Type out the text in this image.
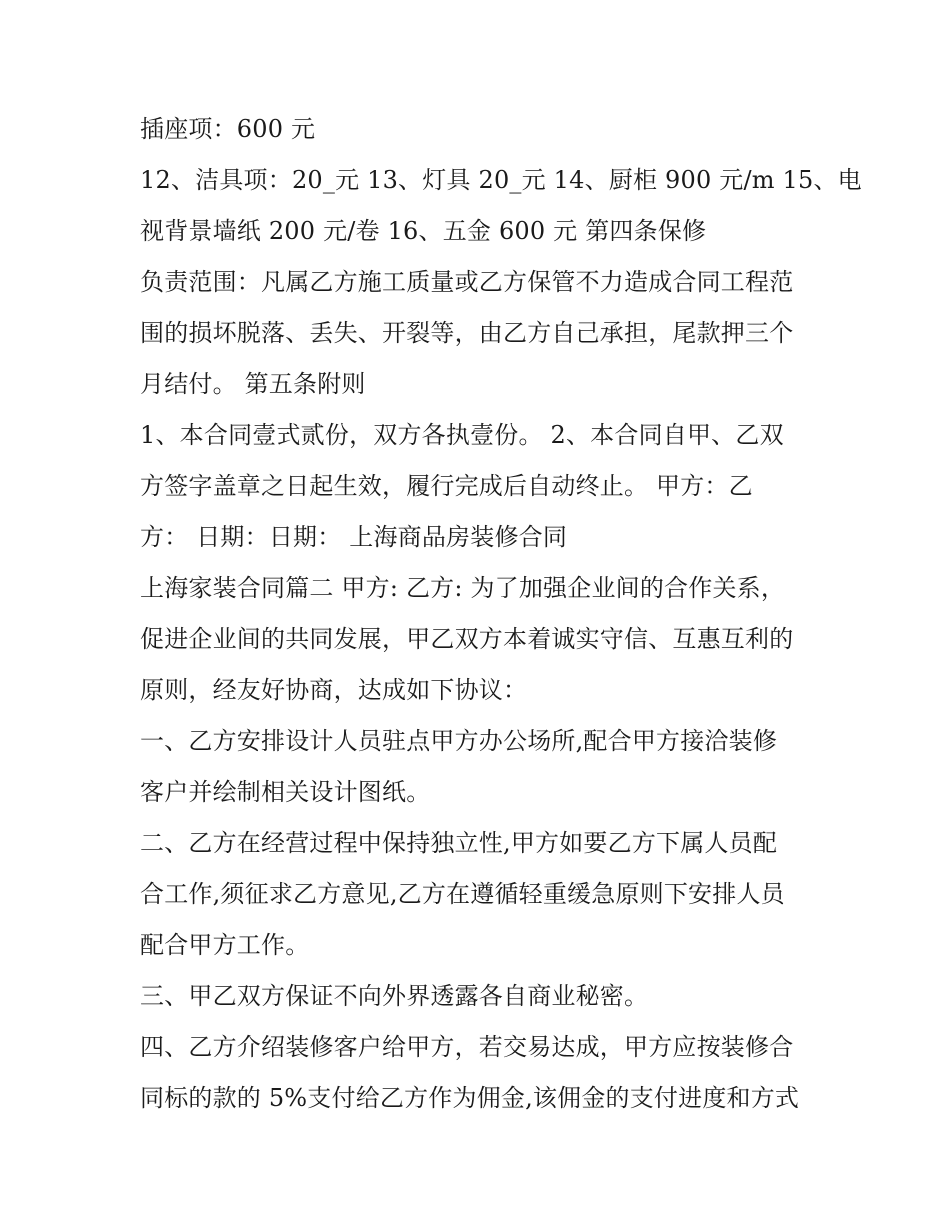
插座项：600 元
12、洁具项：20_元 13、灯具 20_元 14、厨柜 900 元/m 15、电
视背景墙纸 200 元/卷 16、五金 600 元 第四条保修
负责范围：凡属乙方施工质量或乙方保管不力造成合同工程范
围的损坏脱落、丢失、开裂等，由乙方自己承担，尾款押三个
月结付。 第五条附则
1、本合同壹式贰份，双方各执壹份。 2、本合同自甲、乙双
方签字盖章之日起生效，履行完成后自动终止。 甲方：乙
方： 日期：日期： 上海商品房装修合同
上海家装合同篇二 甲方: 乙方: 为了加强企业间的合作关系，
促进企业间的共同发展，甲乙双方本着诚实守信、互惠互利的
原则，经友好协商，达成如下协议：
一、乙方安排设计人员驻点甲方办公场所,配合甲方接洽装修
客户并绘制相关设计图纸。
二、乙方在经营过程中保持独立性,甲方如要乙方下属人员配
合工作,须征求乙方意见,乙方在遵循轻重缓急原则下安排人员
配合甲方工作。
三、甲乙双方保证不向外界透露各自商业秘密。
四、乙方介绍装修客户给甲方，若交易达成，甲方应按装修合
同标的款的 5%支付给乙方作为佣金,该佣金的支付进度和方式
